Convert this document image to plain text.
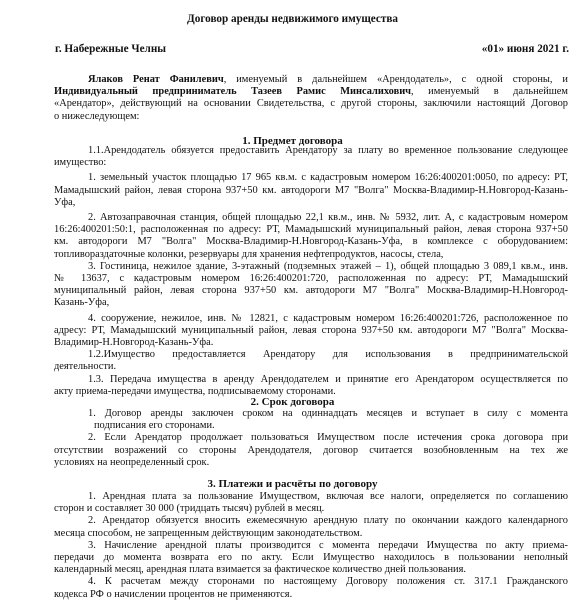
Договор аренды недвижимого имущества
г. Набережные Челны	«01» июня 2021 г.
Ялаков Ренат Фанилевич, именуемый в дальнейшем «Арендодатель», с одной стороны, и
Индивидуальный предприниматель Тазеев Рамис Минсалихович, именуемый в дальнейшем
«Арендатор», действующий на основании Свидетельства, с другой стороны, заключили настоящий Договор
о нижеследующем:
1. Предмет договора
1.1.Арендодатель обязуется предоставить Арендатору за плату во временное пользование следующее
имущество:
1. земельный участок площадью 17 965 кв.м. с кадастровым номером 16:26:400201:0050, по адресу: РТ,
Мамадышский район, левая сторона 937+50 км. автодороги М7 "Волга" Москва-Владимир-Н.Новгород-Казань-
Уфа,
2. Автозаправочная станция, общей площадью 22,1 кв.м., инв. № 5932, лит. А, с кадастровым номером
16:26:400201:50:1, расположенная по адресу: РТ, Мамадышский муниципальный район, левая сторона 937+50
км. автодороги М7 "Волга" Москва-Владимир-Н.Новгород-Казань-Уфа, в комплексе с оборудованием:
топливораздаточные колонки, резервуары для хранения нефтепродуктов, насосы, стела,
3. Гостиница, нежилое здание, 3-этажный (подземных этажей – 1), общей площадью 3 089,1 кв.м., инв.
№ 13637, с кадастровым номером 16:26:400201:720, расположенная по адресу: РТ, Мамадышский
муниципальный район, левая сторона 937+50 км. автодороги М7 "Волга" Москва-Владимир-Н.Новгород-
Казань-Уфа,
4. сооружение, нежилое, инв. № 12821, с кадастровым номером 16:26:400201:726, расположенное по
адресу: РТ, Мамадышский муниципальный район, левая сторона 937+50 км. автодороги М7 "Волга" Москва-
Владимир-Н.Новгород-Казань-Уфа.
1.2.Имущество предоставляется Арендатору для использования в предпринимательской
деятельности.
1.3. Передача имущества в аренду Арендодателем и принятие его Арендатором осуществляется по
акту приема-передачи имущества, подписываемому сторонами.
2. Срок договора
1. Договор аренды заключен сроком на одиннадцать месяцев и вступает в силу с момента
подписания его сторонами.
2. Если Арендатор продолжает пользоваться Имуществом после истечения срока договора при
отсутствии возражений со стороны Арендодателя, договор считается возобновленным на тех же
условиях на неопределенный срок.
3. Платежи и расчёты по договору
1. Арендная плата за пользование Имуществом, включая все налоги, определяется по соглашению
сторон и составляет 30 000 (тридцать тысяч) рублей в месяц.
2. Арендатор обязуется вносить ежемесячную арендную плату по окончании каждого календарного
месяца способом, не запрещенным действующим законодательством.
3. Начисление арендной платы производится с момента передачи Имущества по акту приема-
передачи до момента возврата его по акту. Если Имущество находилось в пользовании неполный
календарный месяц, арендная плата взимается за фактическое количество дней пользования.
4. К расчетам между сторонами по настоящему Договору положения ст. 317.1 Гражданского
кодекса РФ о начислении процентов не применяются.
